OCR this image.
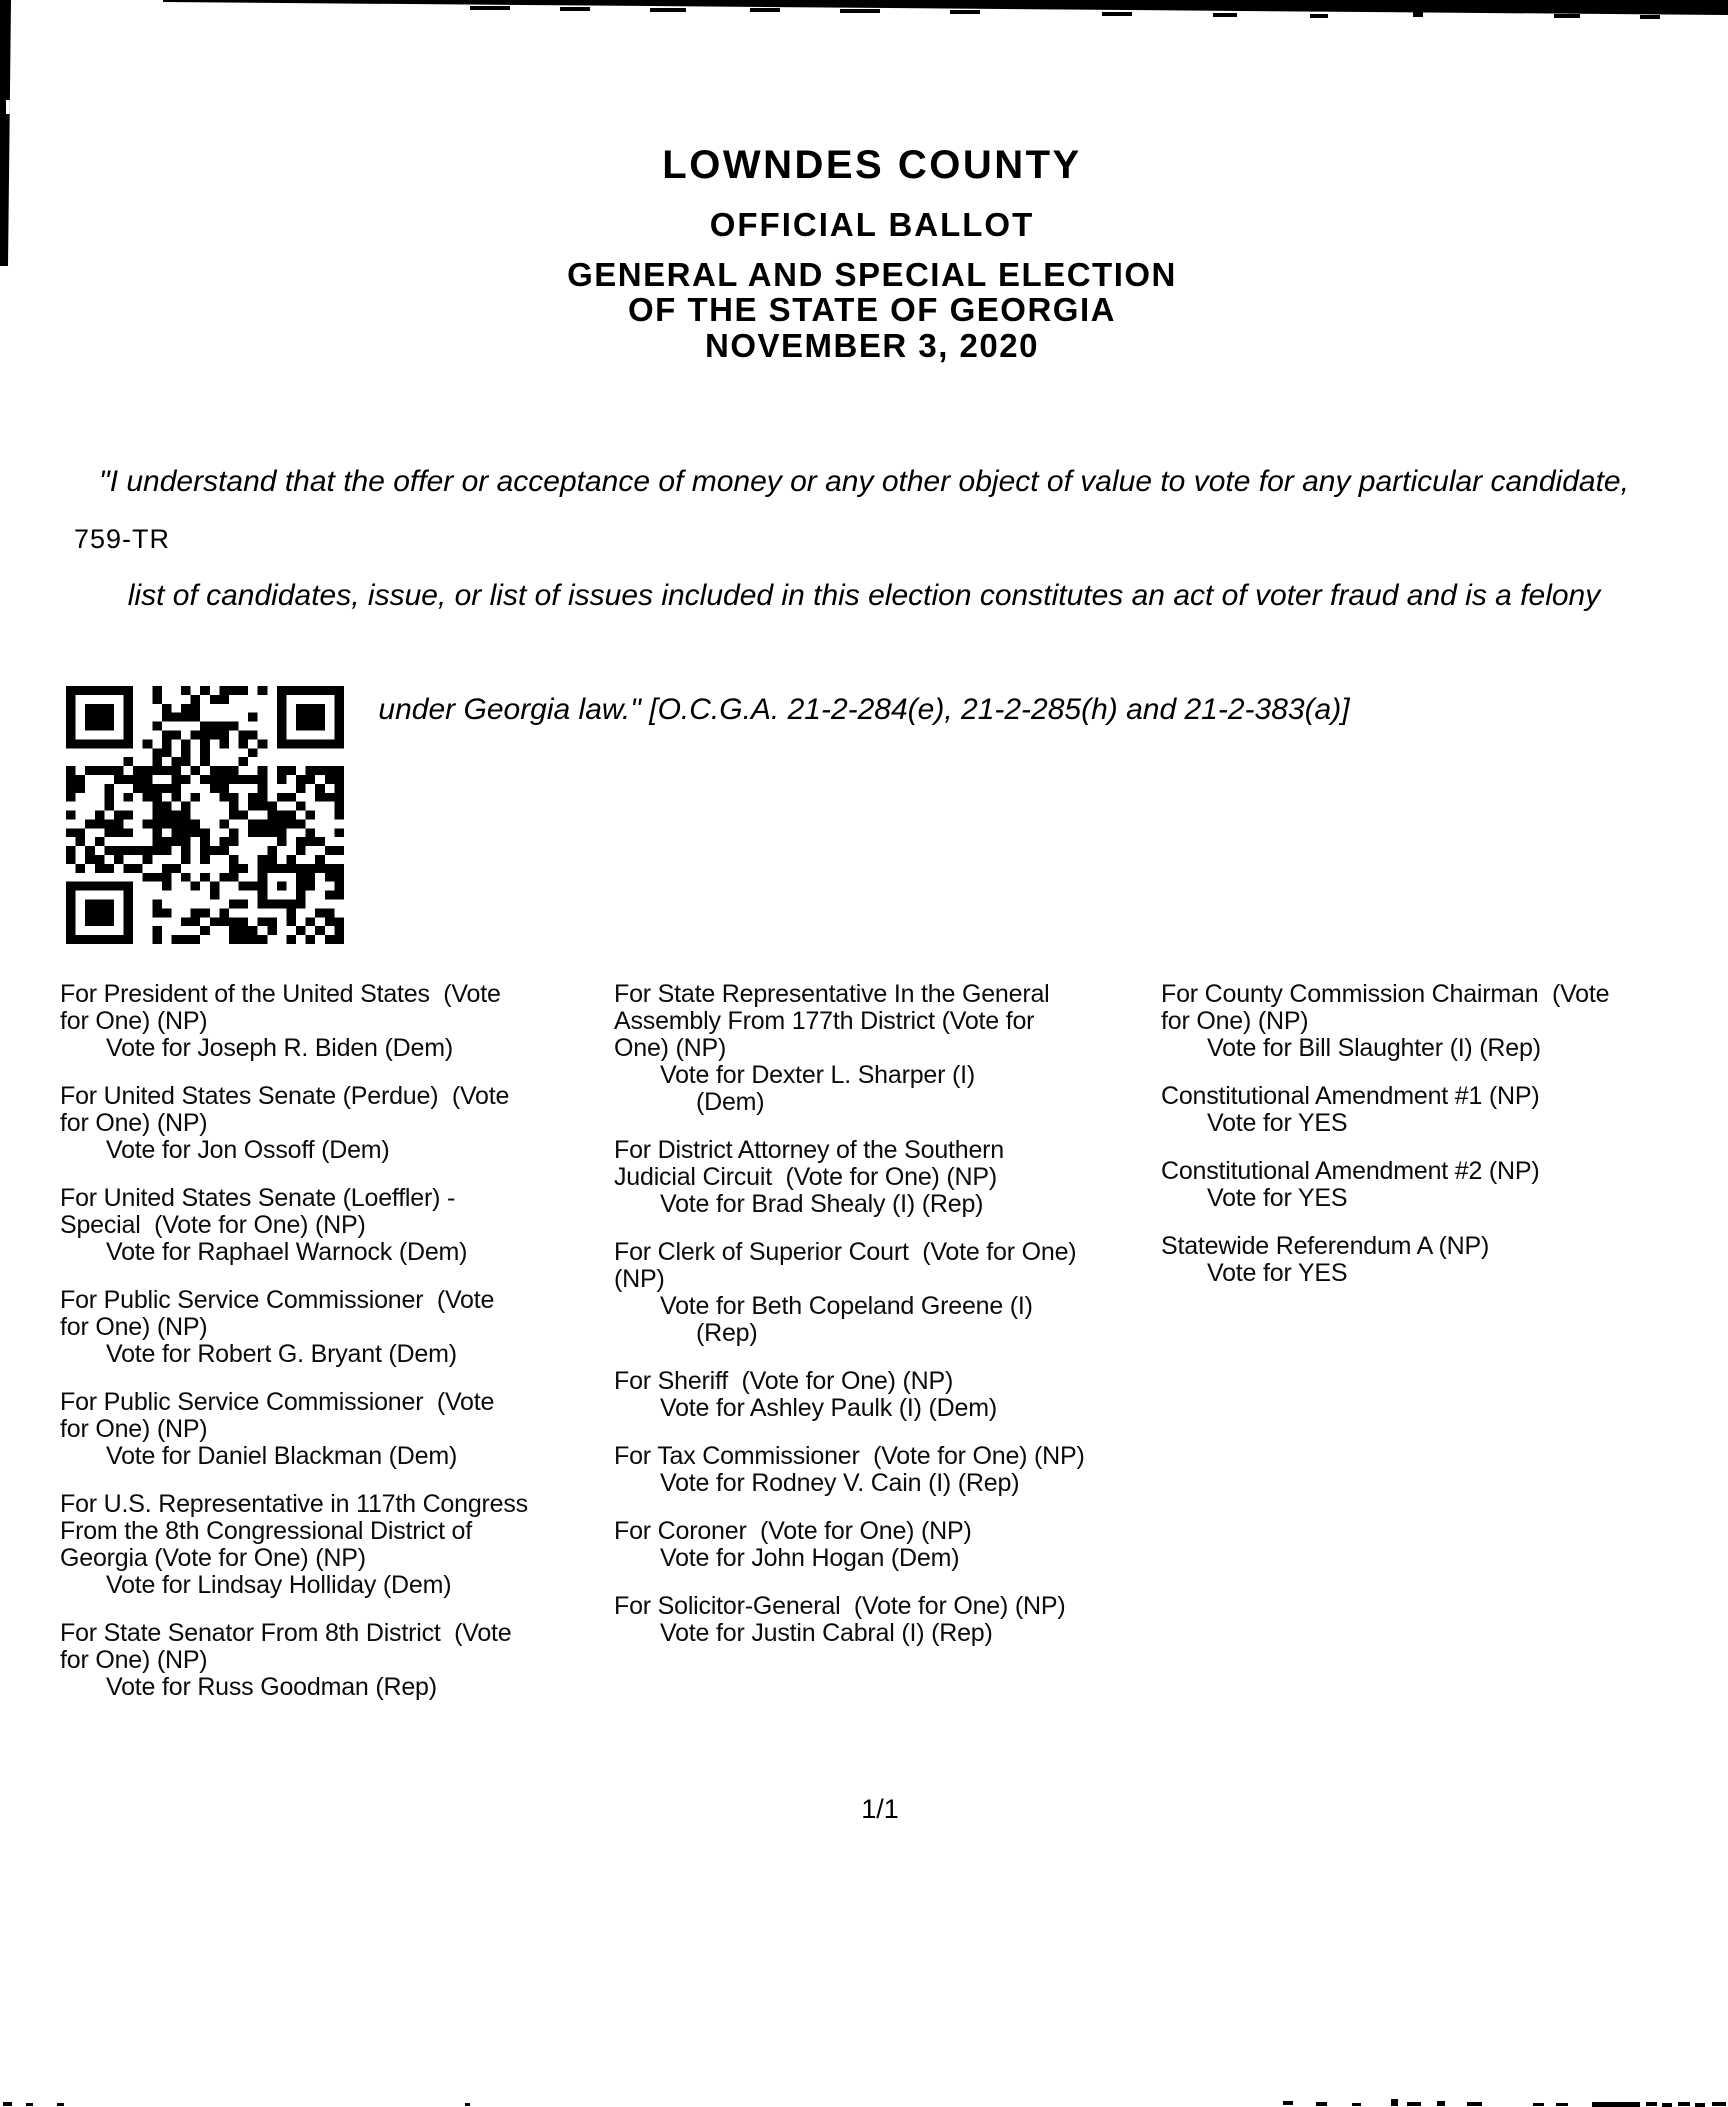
LOWNDES COUNTY
OFFICIAL BALLOT
GENERAL AND SPECIAL ELECTION
OF THE STATE OF GEORGIA
NOVEMBER 3, 2020

"I understand that the offer or acceptance of money or any other object of value to vote for any particular candidate,

list of candidates, issue, or list of issues included in this election constitutes an act of voter fraud and is a felony

under Georgia law." [O.C.G.A. 21-2-284(e), 21-2-285(h) and 21-2-383(a)]

759-TR
For President of the United States  (Vote
for One) (NP)
Vote for Joseph R. Biden (Dem)
For United States Senate (Perdue)  (Vote
for One) (NP)
Vote for Jon Ossoff (Dem)
For United States Senate (Loeffler) -
Special  (Vote for One) (NP)
Vote for Raphael Warnock (Dem)
For Public Service Commissioner  (Vote
for One) (NP)
Vote for Robert G. Bryant (Dem)
For Public Service Commissioner  (Vote
for One) (NP)
Vote for Daniel Blackman (Dem)
For U.S. Representative in 117th Congress
From the 8th Congressional District of
Georgia (Vote for One) (NP)
Vote for Lindsay Holliday (Dem)
For State Senator From 8th District  (Vote
for One) (NP)
Vote for Russ Goodman (Rep)
For State Representative In the General
Assembly From 177th District (Vote for
One) (NP)
Vote for Dexter L. Sharper (I)
(Dem)
For District Attorney of the Southern
Judicial Circuit  (Vote for One) (NP)
Vote for Brad Shealy (I) (Rep)
For Clerk of Superior Court  (Vote for One)
(NP)
Vote for Beth Copeland Greene (I)
(Rep)
For Sheriff  (Vote for One) (NP)
Vote for Ashley Paulk (I) (Dem)
For Tax Commissioner  (Vote for One) (NP)
Vote for Rodney V. Cain (I) (Rep)
For Coroner  (Vote for One) (NP)
Vote for John Hogan (Dem)
For Solicitor-General  (Vote for One) (NP)
Vote for Justin Cabral (I) (Rep)
For County Commission Chairman  (Vote
for One) (NP)
Vote for Bill Slaughter (I) (Rep)
Constitutional Amendment #1 (NP)
Vote for YES
Constitutional Amendment #2 (NP)
Vote for YES
Statewide Referendum A (NP)
Vote for YES
1/1
